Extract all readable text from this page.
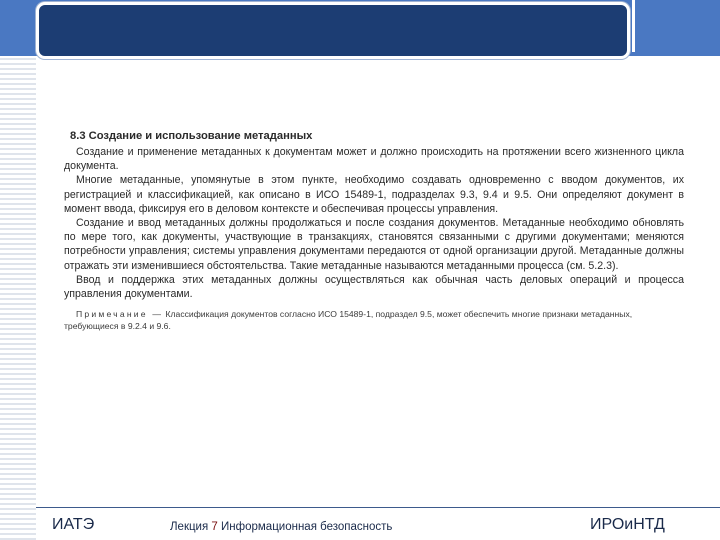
8.3 Создание и использование метаданных

Создание и применение метаданных к документам может и должно происходить на протяжении всего жизненного цикла документа.

Многие метаданные, упомянутые в этом пункте, необходимо создавать одновременно с вводом документов, их регистрацией и классификацией, как описано в ИСО 15489-1, подразделах 9.3, 9.4 и 9.5. Они определяют документ в момент ввода, фиксируя его в деловом контексте и обеспечивая процессы управления.

Создание и ввод метаданных должны продолжаться и после создания документов. Метаданные необходимо обновлять по мере того, как документы, участвующие в транзакциях, становятся связанными с другими документами; меняются потребности управления; системы управления документами передаются от одной организации другой. Метаданные должны отражать эти изменившиеся обстоятельства. Такие метаданные называются метаданными процесса (см. 5.2.3).

Ввод и поддержка этих метаданных должны осуществляться как обычная часть деловых операций и процесса управления документами.

Примечание — Классификация документов согласно ИСО 15489-1, подраздел 9.5, может обеспечить многие признаки метаданных, требующиеся в 9.2.4 и 9.6.
ИАТЭ	Лекция 7 Информационная безопасность	ИРОиНТД
